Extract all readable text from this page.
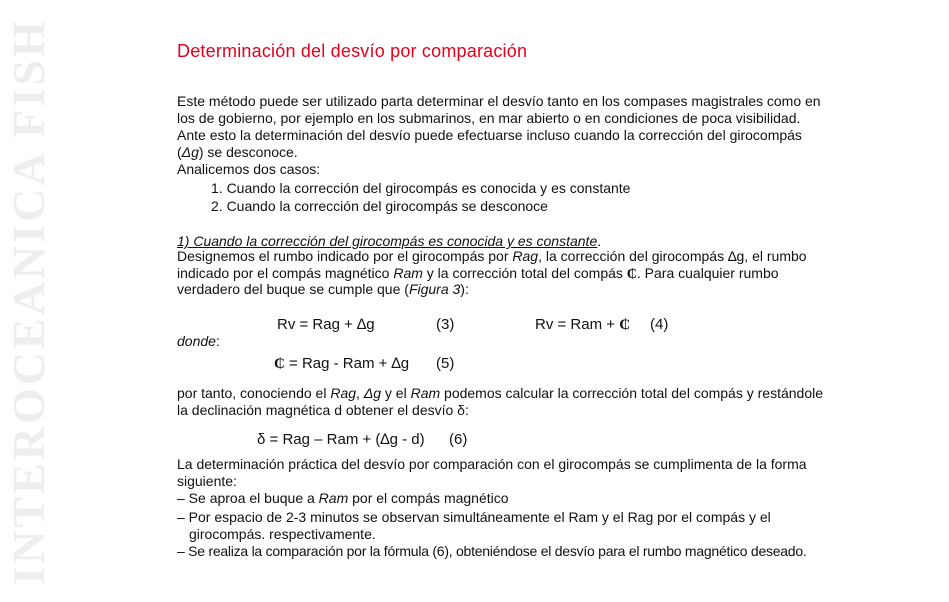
INTEROCEANICA FISH	Determinación del desvío por comparación

Este método puede ser utilizado parta determinar el desvío tanto en los compases magistrales como en

los de gobierno, por ejemplo en los submarinos, en mar abierto o en condiciones de poca visibilidad.

Ante esto la determinación del desvío puede efectuarse incluso cuando la corrección del girocompás

(Δg) se desconoce.

Analicemos dos casos:

1. Cuando la corrección del girocompás es conocida y es constante

2. Cuando la corrección del girocompás se desconoce

1) Cuando la corrección del girocompás es conocida y es constante.

Designemos el rumbo indicado por el girocompás por Rag, la corrección del girocompás ∆g, el rumbo

indicado por el compás magnético Ram y la corrección total del compás ₵. Para cualquier rumbo

verdadero del buque se cumple que (Figura 3):

Rv = Rag + ∆g	(3)	Rv = Ram + ₵ (4)

donde:

₵ = Rag - Ram + ∆g (5)

por tanto, conociendo el Rag, Δg y el Ram podemos calcular la corrección total del compás y restándole

la declinación magnética d obtener el desvío δ:

δ = Rag – Ram + (∆g - d) (6)

La determinación práctica del desvío por comparación con el girocompás se cumplimenta de la forma

siguiente:

– Se aproa el buque a Ram por el compás magnético

– Por espacio de 2-3 minutos se observan simultáneamente el Ram y el Rag por el compás y el

girocompás. respectivamente.

– Se realiza la comparación por la fórmula (6), obteniéndose el desvío para el rumbo magnético deseado.
